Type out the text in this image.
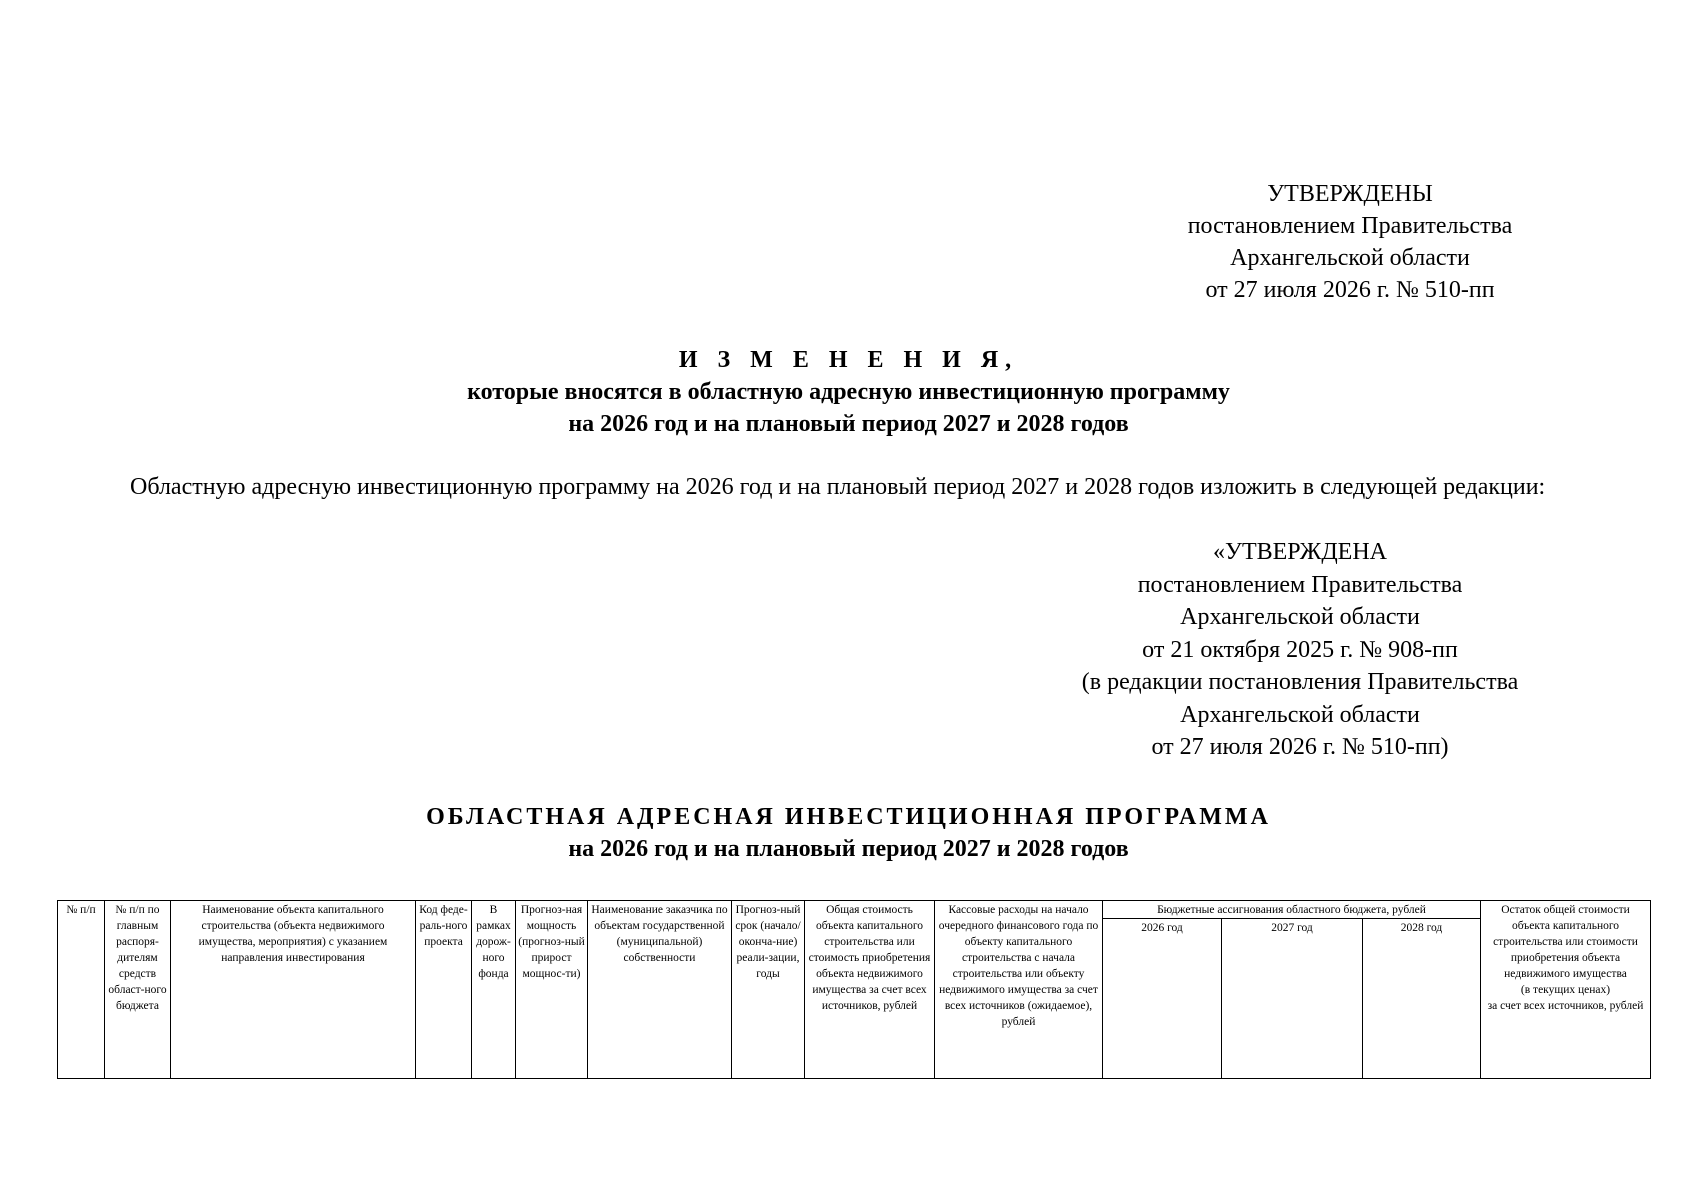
УТВЕРЖДЕНЫ
постановлением Правительства
Архангельской области
от 27 июля 2026 г. № 510-пп
И З М Е Н Е Н И Я,
которые вносятся в областную адресную инвестиционную программу
на 2026 год и на плановый период 2027 и 2028 годов
Областную адресную инвестиционную программу на 2026 год и на плановый период 2027 и 2028 годов изложить в следующей редакции:
«УТВЕРЖДЕНА
постановлением Правительства
Архангельской области
от 21 октября 2025 г. № 908-пп
(в редакции постановления Правительства
Архангельской области
от 27 июля 2026 г. № 510-пп)
ОБЛАСТНАЯ АДРЕСНАЯ ИНВЕСТИЦИОННАЯ ПРОГРАММА
на 2026 год и на плановый период 2027 и 2028 годов
№ п/п	№ п/п по главным распоря-дителям средств област-ного бюджета	Наименование объекта капитального строительства (объекта недвижимого имущества, мероприятия) с указанием направления инвестирования	Код феде-раль-ного проекта	В рамках дорож-ного фонда	Прогноз-ная мощность (прогноз-ный прирост мощнос-ти)	Наименование заказчика по объектам государственной (муниципальной) собственности	Прогноз-ный срок (начало/ оконча-ние) реали-зации, годы	Общая стоимость объекта капитального строительства или стоимость приобретения объекта недвижимого имущества за счет всех источников, рублей	Кассовые расходы на начало очередного финансового года по объекту капитального строительства с начала строительства или объекту недвижимого имущества за счет всех источников (ожидаемое), рублей	Бюджетные ассигнования областного бюджета, рублей			Остаток общей стоимости объекта капитального строительства или стоимости приобретения объекта недвижимого имущества
(в текущих ценах)
за счет всех источников, рублей

										2026 год	2027 год	2028 год	
